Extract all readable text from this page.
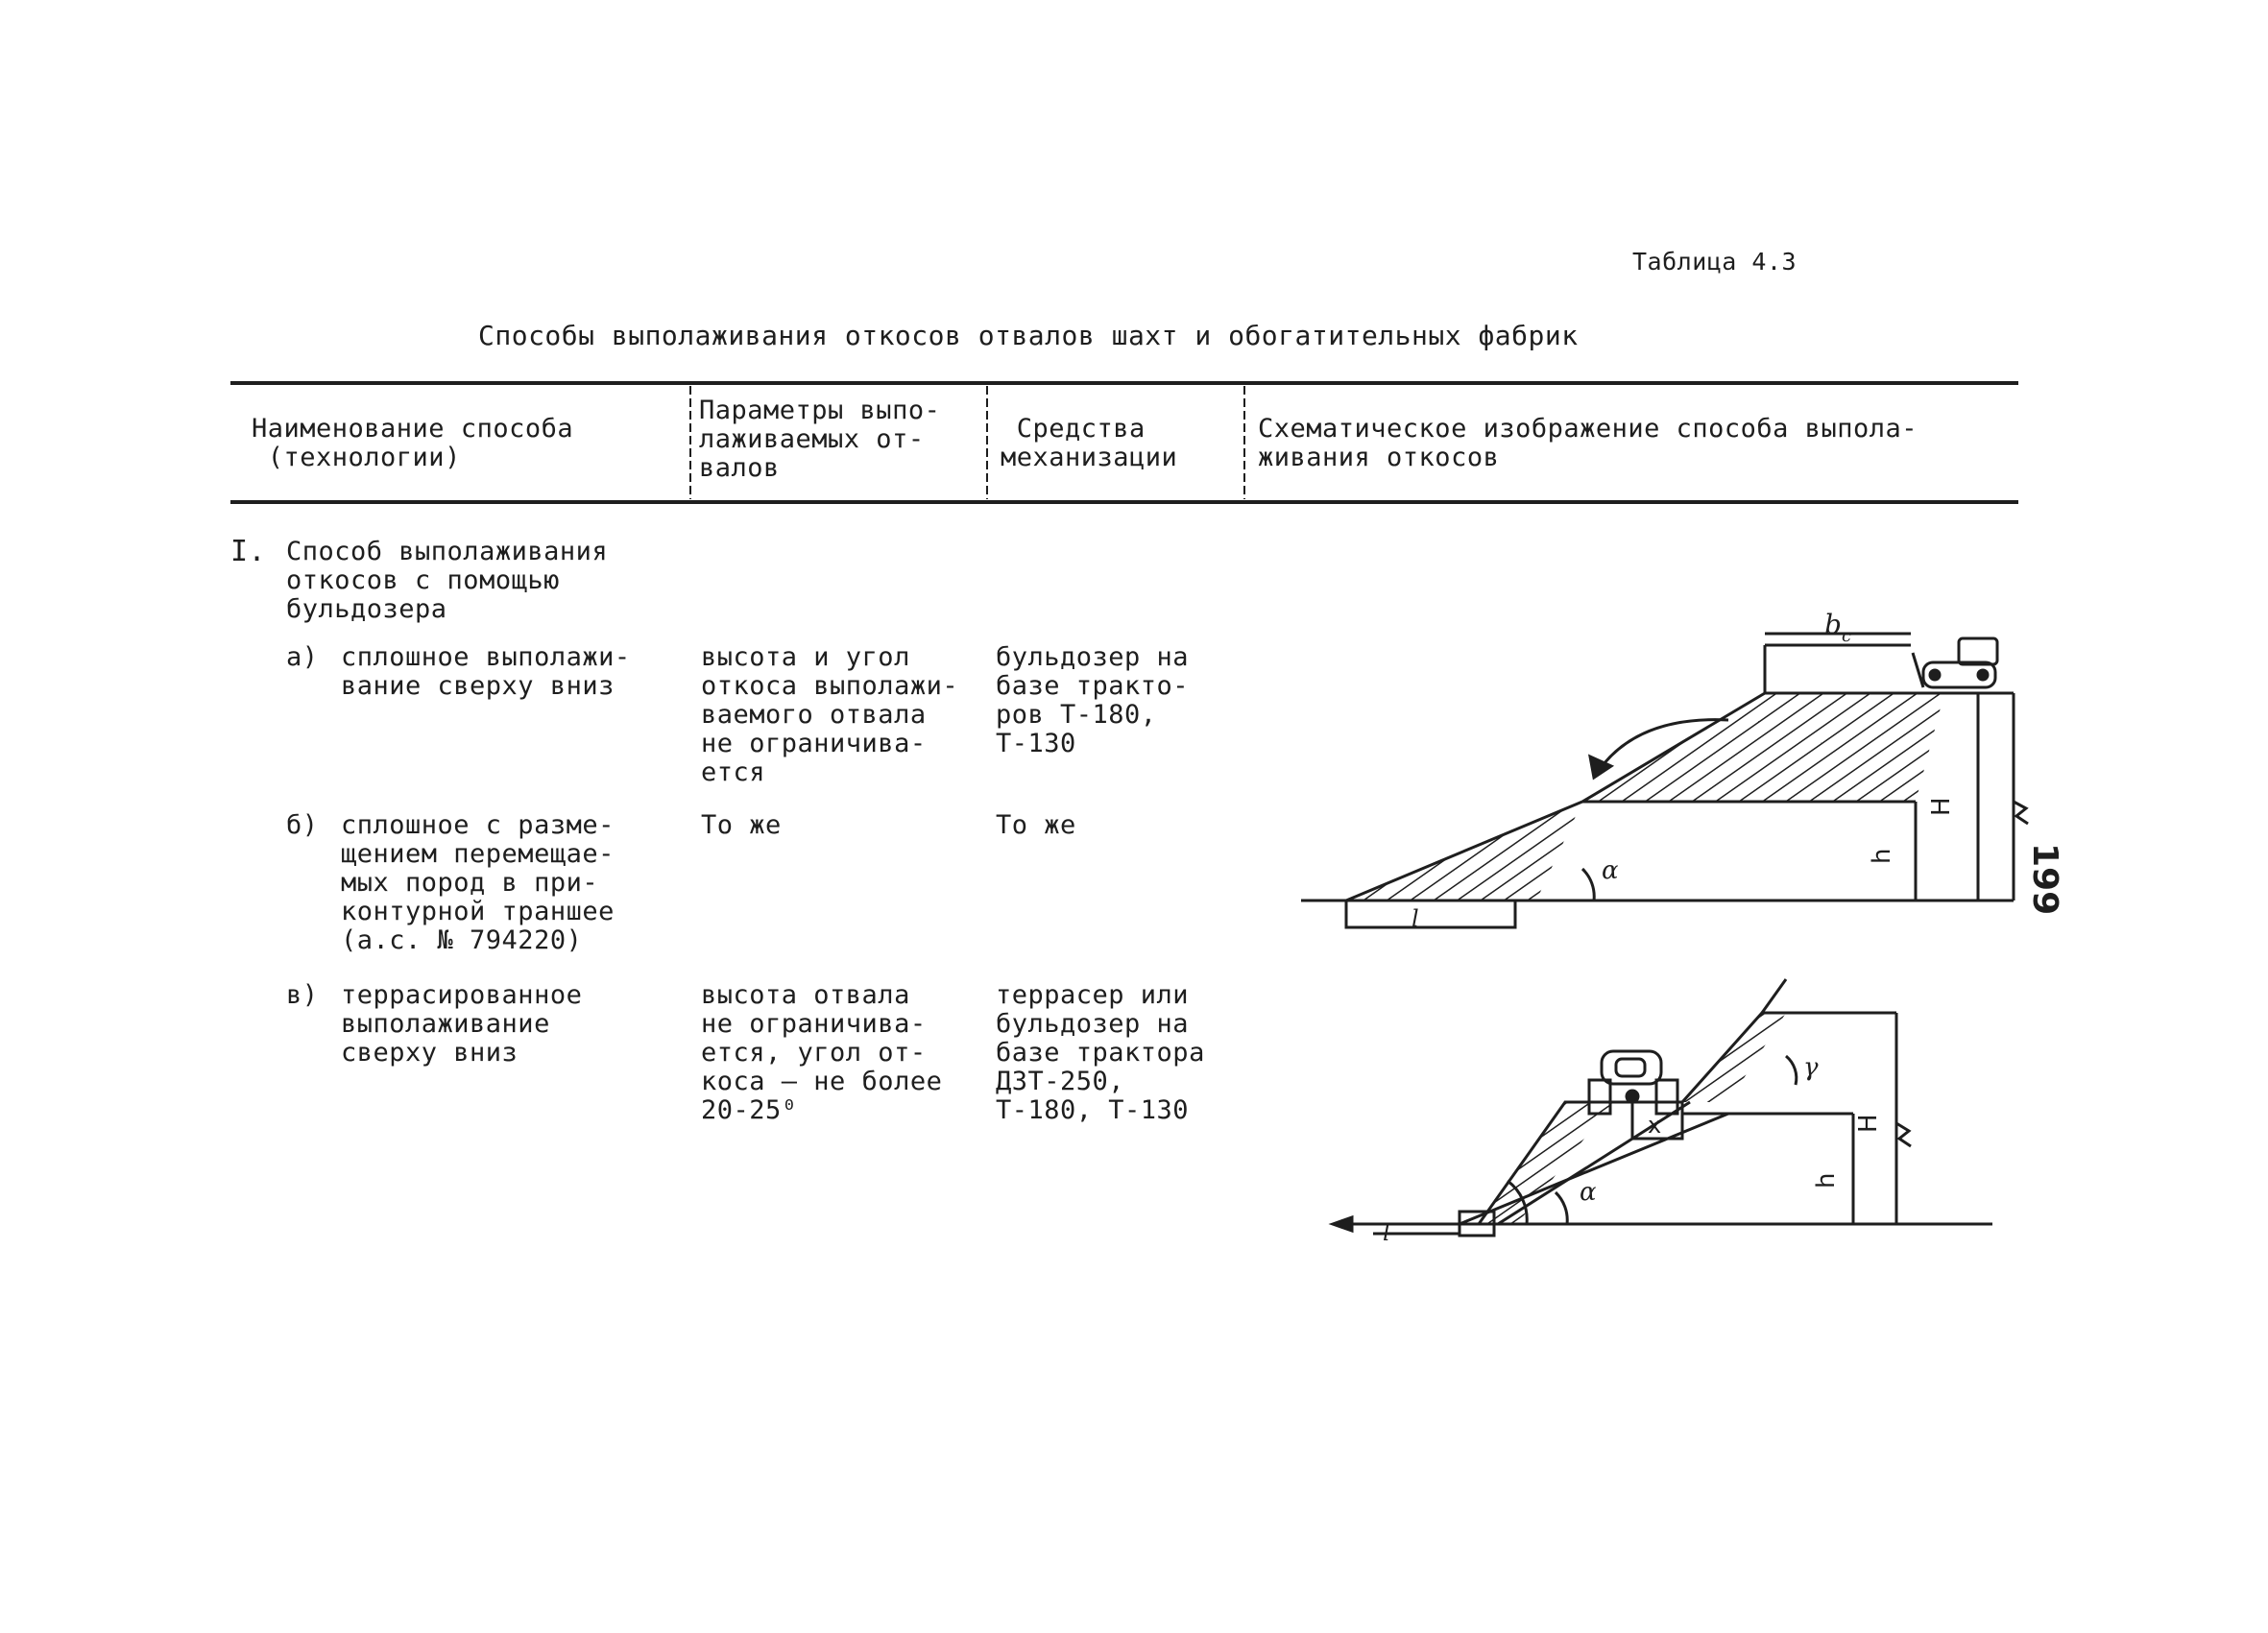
Таблица 4.3
Способы выполаживания откосов отвалов шахт и обогатительных фабрик
Наименование способа
(технологии)
Параметры выпо-
лаживаемых от-
валов
Средства
механизации
Схематическое изображение способа выпола-
живания откосов
I. Способ выполаживания
откосов с помощью
бульдозера
а) сплошное выполажи-
вание сверху вниз
высота и угол
откоса выполажи-
ваемого отвала
не ограничива-
ется
бульдозер на
базе тракто-
ров Т-180,
Т-130
б) сплошное с разме-
щением перемещае-
мых пород в при-
контурной траншее
(а.с. № 794220)
То же	То же
в) террасированное
выполаживание
сверху вниз
высота отвала
не ограничива-
ется, угол от-
коса – не более
20-25⁰
террасер или
бульдозер на
базе трактора
ДЗТ-250,
Т-180, Т-130
199
b c
H
h
α
l
x	H
h
α
γ
l
